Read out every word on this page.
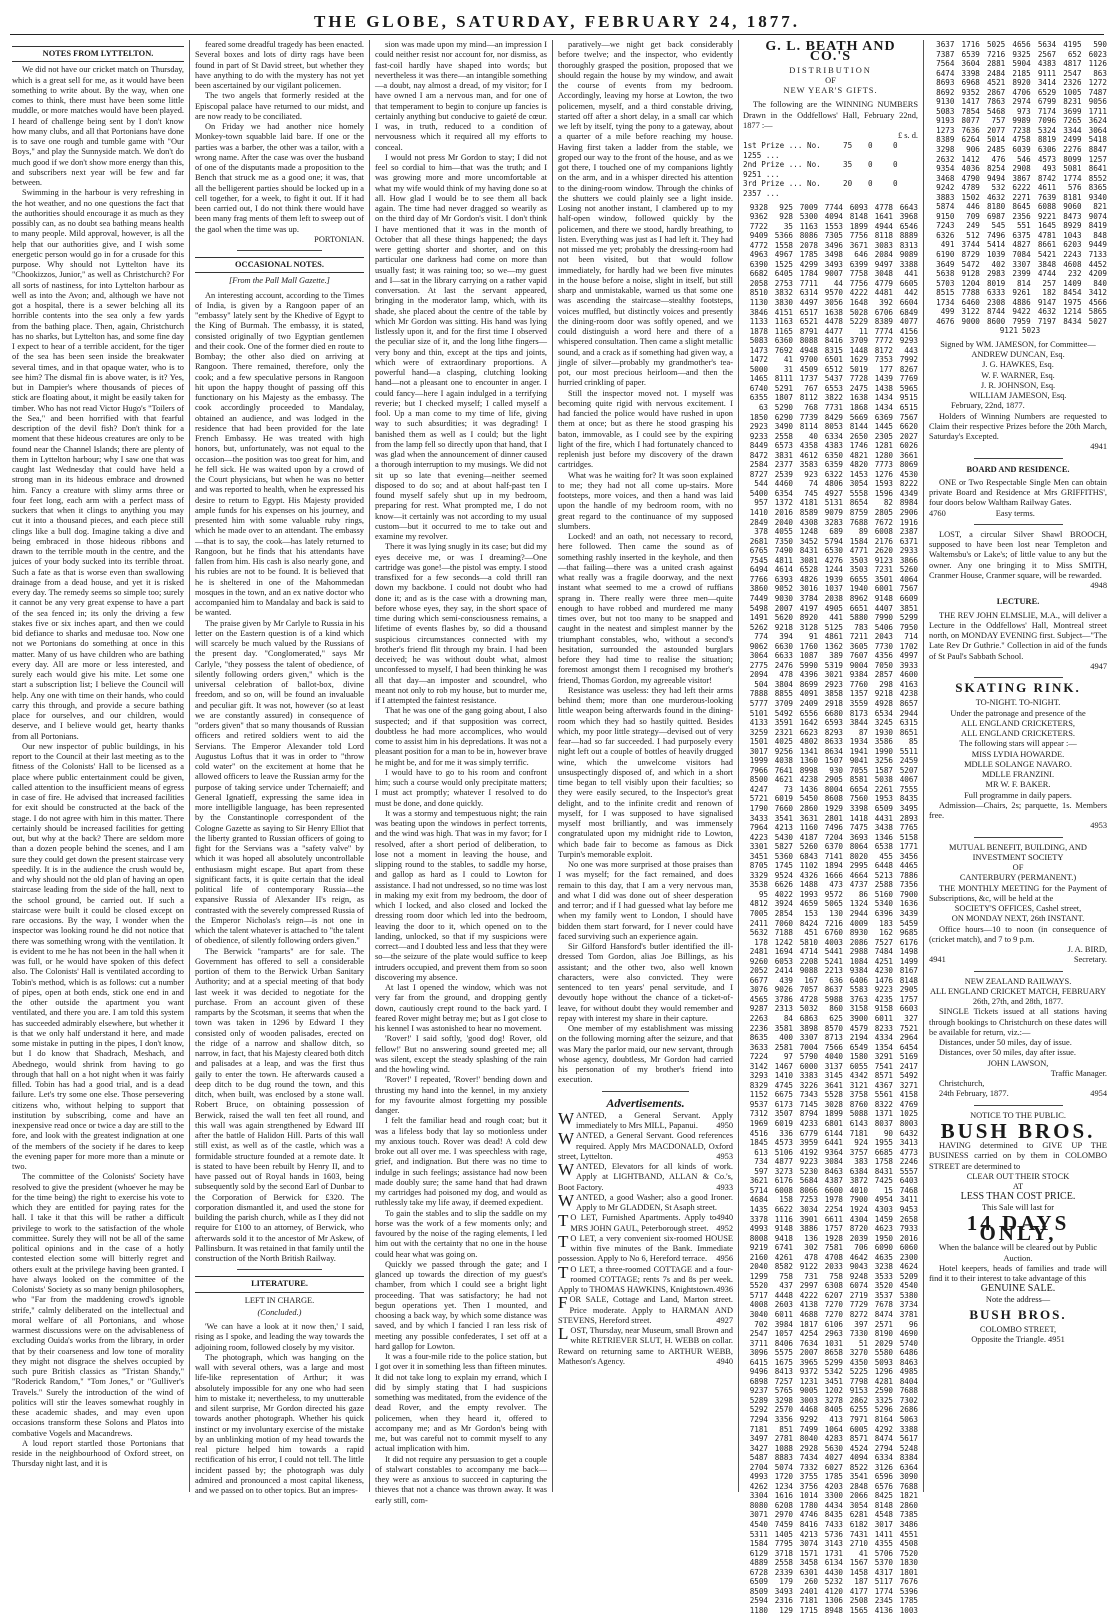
THE GLOBE, SATURDAY, FEBRUARY 24, 1877.
NOTES FROM LYTTELTON.

We did not have our cricket match on Thursday, which is a great sell for me, as it would have been something to write about. By the way, when one comes to think, there must have been some little muddle, or more matches would have been played. I heard of challenge being sent by I don't know how many clubs, and all that Portonians have done is to save one rough and tumble game with "Our Boys," and play the Sunnyside match. We don't do much good if we don't show more energy than this, and subscribers next year will be few and far between.

Swimming in the harbour is very refreshing in the hot weather, and no one questions the fact that the authorities should encourage it as much as they possibly can, as no doubt sea bathing means health to many people. Mild approval, however, is all the help that our authorities give, and I wish some energetic person would go in for a crusade for this purpose. Why should not Lyttelton have its "Chookizzos, Junior," as well as Christchurch? For all sorts of nastiness, for into Lyttelton harbour as well as into the Avon; and, although we have not got a hospital, there is a sewer belching all its horrible contents into the sea only a few yards from the bathing place. Then, again, Christchurch has no sharks, but Lyttelton has, and some fine day I expect to hear of a terrible accident, for the tiger of the sea has been seen inside the breakwater several times, and in that opaque water, who is to see him? The dismal fin is above water, is it? Yes, but in Dampier's where thousands of pieces of stick are floating about, it might be easily taken for timber. Who has not read Victor Hugo's "Toilers of the Sea," and been horrified with that fearful description of the devil fish? Don't think for a moment that these hideous creatures are only to be found near the Channel Islands; there are plenty of them in Lyttelton harbour; why I saw one that was caught last Wednesday that could have held a strong man in its hideous embrace and drowned him. Fancy a creature with slimy arms three or four feet long, each arm with a perfect mass of suckers that when it clings to anything you may cut it into a thousand pieces, and each piece still clings like a bull dog. Imagine taking a dive and being embraced in those hideous ribbons and drawn to the terrible mouth in the centre, and the juices of your body sucked into its terrible throat. Such a fate as that is worse even than swallowing drainage from a dead house, and yet it is risked every day. The remedy seems so simple too; surely it cannot be any very great expense to have a part of the sea fenced in; its only the driving a few stakes five or six inches apart, and then we could bid defiance to sharks and medusae too. Now one not we Portonians do something at once in this matter. Many of us have children who are bathing every day. All are more or less interested, and surely each would give his mite. Let some one start a subscription list; I believe the Council will help. Any one with time on their hands, who could carry this through, and provide a secure bathing place for ourselves, and our children, would deserve, and I believe would get, hearty thanks from all Portonians.

Our new inspector of public buildings, in his report to the Council at their last meeting as to the fitness of the Colonists' Hall to be licensed as a place where public entertainment could be given, called attention to the insufficient means of egress in case of fire. He advised that increased facilities for exit should be constructed at the back of the stage. I do not agree with him in this matter. There certainly should be increased facilities for getting out, but why at the back? There are seldom more than a dozen people behind the scenes, and I am sure they could get down the present staircase very speedily. It is in the audience the crush would be, and why should not the old plan of having an open staircase leading from the side of the hall, next to the school ground, be carried out. If such a staircase were built it could be closed except on rare occasions. By the way, I wonder when the inspector was looking round he did not notice that there was something wrong with the ventilation. It is evident to me he has not been in the hall when it was full, or he would have spoken of this defect also. The Colonists' Hall is ventilated according to Tobin's method, which is as follows: cut a number of pipes, open at both ends, stick one end in and the other outside the apartment you want ventilated, and there you are. I am told this system has succeeded admirably elsewhere, but whether it is that we only half understand it here, and made some mistake in putting in the pipes, I don't know, but I do know that Shadrach, Meshach, and Abednego, would shrink from having to go through that hall on a hot night when it was fairly filled. Tobin has had a good trial, and is a dead failure. Let's try some one else. Those persevering citizens who, without helping to support that institution by subscribing, come and have an inexpensive read once or twice a day are still to the fore, and look with the greatest indignation at one of the members of the society if he dares to keep the evening paper for more more than a minute or two.

The committee of the Colonists' Society have resolved to give the president (whoever he may be for the time being) the right to exercise his vote to which they are entitled for paying rates for the hall. I take it that this will be rather a difficult privilege to work to the satisfaction of the whole committee. Surely they will not be all of the same political opinions and in the case of a hotly contested election some will bitterly regret and others exult at the privilege having been granted. I have always looked on the committee of the Colonists' Society as so many benign philosophers, who "Far from the maddening crowd's ignoble strife," calmly deliberated on the intellectual and moral welfare of all Portonians, and whose warmest discussions were on the advisableness of excluding Ouida's works from the library, in order that by their coarseness and low tone of morality they might not disgrace the shelves occupied by such pure British classics as "Tristan Shandy," "Roderick Random," "Tom Jones," or "Gulliver's Travels." Surely the introduction of the wind of politics will stir the leaves somewhat roughly in these academic shades, and may even upon occasions transform these Solons and Platos into combative Vogels and Macandrews.

A loud report startled those Portonians that reside in the neighbourhood of Oxford street, on Thursday night last, and it is

feared some dreadful tragedy has been enacted. Several boxes and lots of dirty rags have been found in part of St David street, but whether they have anything to do with the mystery has not yet been ascertained by our vigilant policemen.

The two angels that formerly resided at the Episcopal palace have returned to our midst, and are now ready to be conciliated.

On Friday we had another nice homely Monkey-town squabble laid bare. If one or the parties was a barber, the other was a tailor, with a wrong name. After the case was over the husband of one of the disputants made a proposition to the Bench that struck me as a good one; it was, that all the belligerent parties should be locked up in a cell together, for a week, to fight it out. If it had been carried out, I do not think there would have been many frag ments of them left to sweep out of the gaol when the time was up.

PORTONIAN.

OCCASIONAL NOTES.

[From the Pall Mall Gazette.]

An interesting account, according to the Times of India, is given by a Rangoon paper of an "embassy" lately sent by the Khedive of Egypt to the King of Burmah. The embassy, it is stated, consisted originally of two Egyptian gentlemen and their cook. One of the former died en route to Bombay; the other also died on arriving at Rangoon. There remained, therefore, only the cook; and a few speculative persons in Rangoon hit upon the happy thought of passing off this functionary on his Majesty as the embassy. The cook accordingly proceeded to Mandalay, obtained an audience, and was lodged in the residence that had been provided for the late French Embassy. He was treated with high honors, but, unfortunately, was not equal to the occasion—the position was too great for him, and he fell sick. He was waited upon by a crowd of the Court physicians, but when he was no better and was reported to health, when he expressed his desire to return to Egypt. His Majesty provided ample funds for his expenses on his journey, and presented him with some valuable ruby rings, which he made over to an attendant. The embassy—that is to say, the cook—has lately returned to Rangoon, but he finds that his attendants have fallen from him. His cash is also nearly gone, and his rubies are not to be found. It is believed that he is sheltered in one of the Mahommedan mosques in the town, and an ex native doctor who accompanied him to Mandalay and back is said to be wanted.

The praise given by Mr Carlyle to Russia in his letter on the Eastern question is of a kind which will scarcely be much valued by the Russians of the present day. "Conglomerated," says Mr Carlyle, "they possess the talent of obedience, of silently following orders given," which is the universal celebration of ballot-box, divine freedom, and so on, will be found an invaluable and peculiar gift. It was not, however (so at least we are constantly assured) in consequence of "orders given" that so many thousands of Russian officers and retired soldiers went to aid the Servians. The Emperor Alexander told Lord Augustus Loftus that it was in order to "throw cold water" on the excitement at home that he allowed officers to leave the Russian army for the purpose of taking service under Tchernaieff; and General Ignatieff, expressing the same idea in more intelligible language, has been represented by the Constantinople correspondent of the Cologne Gazette as saying to Sir Henry Elliot that the liberty granted to Russian officers of going to fight for the Servians was a "safety valve" by which it was hoped all absolutely uncontrollable enthusiasm might escape. But apart from these significant facts, it is quite certain that the ideal political life of contemporary Russia—the expansive Russia of Alexander II's reign, as contrasted with the severely compressed Russia of the Emperor Nicholas's reign—is not one in which the talent whatever is attached to "the talent of obedience, of silently following orders given."

The Berwick "ramparts" are for sale. The Government has offered to sell a considerable portion of them to the Berwick Urban Sanitary Authority; and at a special meeting of that body last week it was decided to negotiate for the purchase. From an account given of these ramparts by the Scotsman, it seems that when the town was taken in 1296 by Edward I they consisted only of wooden palisades, erected on the ridge of a narrow and shallow ditch, so narrow, in fact, that his Majesty cleared both ditch and palisades at a leap, and was the first thus gaily to enter the town. He afterwards caused a deep ditch to be dug round the town, and this ditch, when built, was enclosed by a stone wall. Robert Bruce, on obtaining possession of Berwick, raised the wall ten feet all round, and this wall was again strengthened by Edward III after the battle of Halidon Hill. Parts of this wall still exist, as well as of the castle, which was a formidable structure founded at a remote date. It is stated to have been rebuilt by Henry II, and to have passed out of Royal hands in 1603, being subsequently sold by the second Earl of Dunbar to the Corporation of Berwick for £320. The corporation dismantled it, and used the stone for building the parish church, while as I they did not require for £100 to an attorney, of Berwick, who afterwards sold it to the ancestor of Mr Askew, of Pallinsburn. It was retained in that family until the construction of the North British Railway.

LITERATURE.

LEFT IN CHARGE.

(Concluded.)

'We can have a look at it now then,' I said, rising as I spoke, and leading the way towards the adjoining room, followed closely by my visitor.

The photograph, which was hanging on the wall with several others, was a large and most life-like representation of Arthur; it was absolutely impossible for any one who had seen him to mistake it; nevertheless, to my unutterable and silent surprise, Mr Gordon directed his gaze towards another photograph. Whether his quick instinct or my involuntary exercise of the mistake by an unblinking motion of my head towards the real picture helped him towards a rapid rectification of his error, I could not tell. The little incident passed by; the photograph was duly admired and pronounced a most capital likeness, and we passed on to other topics. But an impres-

sion was made upon my mind—an impression I could neither resist nor account for, nor dismiss, as fast-coil hardly have shaped into words; but nevertheless it was there—an intangible something—a doubt, nay almost a dread, of my visitor; for I have owned I am a nervous man, and for one of that temperament to begin to conjure up fancies is certainly anything but conducive to gaieté de cœur. I was, in truth, reduced to a condition of nervousness which it required all my efforts to conceal.

I would not press Mr Gordon to stay; I did not feel so cordial to him—that was the truth; and I was growing more and more uncomfortable at what my wife would think of my having done so at all. How glad I would be to see them all back again. The time had never dragged so wearily as on the third day of Mr Gordon's visit. I don't think I have mentioned that it was in the month of October that all these things happened; the days were getting shorter and shorter, and on this particular one darkness had come on more than usually fast; it was raining too; so we—my guest and I—sat in the library carrying on a rather vapid conversation. At last the servant appeared, bringing in the moderator lamp, which, with its shade, she placed about the centre of the table by which Mr Gordon was sitting. His hand was lying listlessly upon it, and for the first time I observed the peculiar size of it, and the long lithe fingers—very bony and thin, except at the tips and joints, which were of extraordinary proportions. A powerful hand—a clasping, clutching looking hand—not a pleasant one to encounter in anger. I could fancy—here I again indulged in a terrifying reverie; but I checked myself; I called myself a fool. Up a man come to my time of life, giving way to such absurdities; it was degrading! I banished them as well as I could; but the light from the lamp fell so directly upon that hand, that I was glad when the announcement of dinner caused a thorough interruption to my musings. We did not sit up so late that evening—neither seemed disposed to do so; and at about half-past ten I found myself safely shut up in my bedroom, preparing for rest. What prompted me, I do not know—it certainly was not according to my usual custom—but it occurred to me to take out and examine my revolver.

There it was lying snugly in its case; but did my eyes deceive me, or was I dreaming?—One cartridge was gone!—the pistol was empty. I stood transfixed for a few seconds—a cold thrill ran down my backbone. I could not doubt who had done it; and as is the case with a drowning man, before whose eyes, they say, in the short space of time during which semi-consciousness remains, a lifetime of events flashes by, so did a thousand suspicious circumstances connected with my brother's friend flit through my brain. I had been deceived; he was without doubt what, almost unconfessed to myself, I had been thinking he was all that day—an imposter and scoundrel, who meant not only to rob my house, but to murder me, if I attempted the faintest resistance.

That he was one of the gang going about, I also suspected; and if that supposition was correct, doubtless he had more accomplices, who would come to assist him in his depredations. It was not a pleasant position for a man to be in, however brave he might be, and for me it was simply terrific.

I would have to go to his room and confront him; such a course would only precipitate matters; I must act promptly; whatever I resolved to do must be done, and done quickly.

It was a stormy and tempestuous night; the rain was beating upon the windows in perfect torrents, and the wind was high. That was in my favor; for I resolved, after a short period of deliberation, to lose not a moment in leaving the house, and slipping round to the stables, to saddle my horse, and gallop as hard as I could to Lowton for assistance. I had not undressed, so no time was lost in making my exit from my bedroom, the door of which I locked, and also closed and locked the dressing room door which led into the bedroom, leaving the door to it, which opened on to the landing, unlocked, so that if my suspicions were correct—and I doubted less and less that they were so—the seizure of the plate would suffice to keep intruders occupied, and prevent them from so soon discovering my absence.

At last I opened the window, which was not very far from the ground, and dropping gently down, cautiously crept round to the back yard. I feared Rover might betray me; but as I got close to his kennel I was astonished to hear no movement.

'Rover!' I said softly, 'good dog! Rover, old fellow!' But no answering sound greeted me; all was silent, except the steady splashing of the rain and the howling wind.

'Rover!' I repeated, 'Rover!' bending down and thrusting my hand into the kennel, in my anxiety for my favourite almost forgetting my possible danger.

I felt the familiar head and rough coat; but it was a lifeless body that lay so motionless under my anxious touch. Rover was dead! A cold dew broke out all over me. I was speechless with rage, grief, and indignation. But there was no time to indulge in such feelings; assistance had now been made doubly sure; the same hand that had drawn my cartridges had poisoned my dog, and would as ruthlessly take my life away, if deemed expedient.

To gain the stables and to slip the saddle on my horse was the work of a few moments only; and favoured by the noise of the raging elements, I led him out with the certainty that no one in the house could hear what was going on.

Quickly we passed through the gate; and I glanced up towards the direction of my guest's chamber, from which I could see a bright light proceeding. That was satisfactory; he had not begun operations yet. Then I mounted, and choosing a back way, by which some distance was saved, and by which I fancied I ran less risk of meeting any possible confederates, I set off at a hard gallop for Lowton.

It was a four-mile ride to the police station, but I got over it in something less than fifteen minutes. It did not take long to explain my errand, which I did by simply stating that I had suspicions something was meditated, from the evidence of the dead Rover, and the empty revolver. The policemen, when they heard it, offered to accompany me; and as Mr Gordon's being with me, but was careful not to commit myself to any actual implication with him.

It did not require any persuasion to get a couple of stalwart constables to accompany me back—they were as anxious to succeed in capturing the thieves that not a chance was thrown away. It was early still, com-

paratively—we night get back considerably before twelve; and the inspector, who evidently thoroughly grasped the position, proposed that we should regain the house by my window, and await the course of events from my bedroom. Accordingly, leaving my horse at Lowton, the two policemen, myself, and a third constable driving, started off after a short delay, in a small car which we left by itself, tying the pony to a gateway, about a quarter of a mile before reaching my house. Having first taken a ladder from the stable, we groped our way to the front of the house, and as we got there, I touched one of my companions lightly on the arm, and in a whisper directed his attention to the dining-room window. Through the chinks of the shutters we could plainly see a light inside. Losing not another instant, I clambered up to my half-open window, followed quickly by the policemen, and there we stood, hardly breathing, to listen. Everything was just as I had left it. They had not missed me yet; probably the dressing-room had not been visited, but that would follow immediately, for hardly had we been five minutes in the house before a noise, slight in itself, but still sharp and unmistakable, warned us that some one was ascending the staircase—stealthy footsteps, voices muffled, but distinctly voices and presently the dining-room door was softly opened, and we could distinguish a word here and there of a whispered consultation. Then came a slight metallic sound, and a crack as if something had given way, a jingle of silver—probably my grandmother's tea-pot, our most precious heirloom—and then the hurried crinkling of paper.

Still the inspector moved not. I myself was becoming quite rigid with nervous excitement. I had fancied the police would have rushed in upon them at once; but as there he stood grasping his baton, immovable, as I could see by the expiring light of the fire, which I had fortunately chanced to replenish just before my discovery of the drawn cartridges.

What was he waiting for? It was soon explained to me; they had not all come up-stairs. More footsteps, more voices, and then a hand was laid upon the handle of my bedroom room, with no great regard to the continuance of my supposed slumbers.

Locked! and an oath, not necessary to record, here followed. Then came the sound as of something rashly inserted in the keyhole, and then—that failing—there was a united crash against what really was a fragile doorway, and the next instant what seemed to me a crowd of ruffians sprang in. There really were three men—quite enough to have robbed and murdered me many times over, but not too many to be snapped and caught in the neatest and simplest manner by the triumphant constables, who, without a second's hesitation, surrounded the astounded burglars before they had time to realise the situation; foremost amongst them I recognised my brother's friend, Thomas Gordon, my agreeable visitor!

Resistance was useless: they had left their arms behind them; more than one murderous-looking little weapon being afterwards found in the dining-room which they had so hastily quitted. Besides which, my poor little strategy—devised out of very fear—had so far succeeded. I had purposely every night left out a couple of bottles of heavily drugged wine, which the unwelcome visitors had unsuspectingly disposed of, and which in a short time began to tell visibly upon their faculties; so they were easily secured, to the Inspector's great delight, and to the infinite credit and renown of myself, for I was supposed to have signalised myself most brilliantly, and was immensely congratulated upon my midnight ride to Lowton, which bade fair to become as famous as Dick Turpin's memorable exploit.

No one was more surprised at those praises than I was myself; for the fact remained, and does remain to this day, that I am a very nervous man, and what I did was done out of sheer desperation and terror; and if I had guessed what lay before me when my family went to London, I should have bidden them start forward, for I never could have faced surviving such an experience again.

Sir Gilford Hansford's butler identified the ill-dressed Tom Gordon, alias Joe Billings, as his assistant; and the other two, also well known characters, were also convicted. They were sentenced to ten years' penal servitude, and I devoutly hope without the chance of a ticket-of-leave, for without doubt they would remember and repay with interest my share in their capture.

One member of my establishment was missing on the following morning after the seizure, and that was Mary the parlor maid, our new servant, through whose agency, doubtless, Mr Gordon had carried his personation of my brother's friend into execution.

Advertisements.

WANTED, a General Servant. Apply immediately to Mrs MILL, Papanui. 4950

WANTED, a General Servant. Good references required. Apply Mrs MACDONALD, Oxford street, Lyttelton.	4953

WANTED, Elevators for all kinds of work. Apply at LIGHTBAND, ALLAN & Co.'s, Boot Factory.	4933

WANTED, a good Washer; also a good Ironer. Apply to Mr GLADDEN, St Asaph street.
4940

T O LET, Furnished Apartments. Apply to MRS JOHN GAUL, Peterborough street. 4952

T O LET, a very convenient six-roomed HOUSE within five minutes of the Bank. Immediate possession. Apply to No 6, Hereford terrace. 4956

T O LET, a three-roomed COTTAGE and a four-roomed COTTAGE; rents 7s and 8s per week. Apply to THOMAS HAWKINS, Knightstown. 4936

FOR SALE, Cottage and Land, Marton street. Price moderate. Apply to HARMAN AND STEVENS, Hereford street.	4927

LOST, Thursday, near Museum, small Brown and white RETRIEVER SLUT, H. WEBB on collar. Reward on returning same to ARTHUR WEBB, Matheson's Agency.	4940

G. L. BEATH AND CO.'S

DISTRIBUTION

OF

NEW YEAR'S GIFTS.

The following are the WINNING NUMBERS Drawn in the Oddfellows' Hall, February 22nd, 1877 :—

£ s. d.

1st Prize ... No. 1255 ...
75	0	0
2nd Prize ... No. 9251 ...
35	0	0
3rd Prize ... No. 2357 ...
20	0	0
9328	925 7009 7744 6093 4778 6643
9362	928 5300 4094 8148 1641 3968
7722	35 1163 1553 1899 4944 6546
9409 5366 8086 7305 7756 8118 8889
4772 1558 2078 3496 3671 3083 8313
4963 4967 1785 3498	646 2084 9089
6390 1525 4299 3493 6399 9497 3388
6682 6405 1784 9007 7758 3048	441
2058 2753 7711	44 7756 4779 6605
8510 3832 6314 9570 4222 4481	442
1130 3830 4497 3056 1648	392 6604
3846 4151 6517 1638 5028 6706 6849
1133 1163 6521 4478 5229 8389 4077
1878 1165 8791 4477	11 7774 4156
5083 6360 8088 8416 3709 7772 9293
1473 7692 4948 8315 1448 8172	443
1472	41 9700 6501 1629 7353 7992
5000	31 4509 6512 5019	177 8267
1465 8111 1737 5437 7728 1439 7769
6740 5291	767 6553 2475 1438 5965
6355 1807 8112 3822 1638 1434 9515
63 5290	768 7731 1868 1434 6515
1850 6290 7739 8429 5669 6369 7567
2923 3490 8114 8053 8144 1445 6620
9233 2558	40 6334 2650 2305 2027
8449 6573 4358 4383 1746 1281 6026
8472 3831 4612 6350 4821 1280 3661
2584 2377 3583 6359 4820 7773 8069
8727 2539	923 6322 1453 1276 4530
544 4460	74 4806 3054 1593 8222
5400 6354	745 4927 5558 1596 4349
957 1372 4181 5131 8654	82 8984
1410 2016 8589 9079 8759 2805 2906
2849 2040 4308 3283 7688 7672 1916
378 4055 1248	689	89 6008 2387
2681 7350 3452 5794 1584 2176 6371
6765 7490 8431 6530 4771 2620 2933
7545 4811 3081 4276 3503 9123 3866
6494 4614 6528 1244 3503 7231 5260
7766 6393 4826 1939 6655 3501 4064
3860 9052 3016 1037 1940 6001 7567
7449 9030 3784 2038 8962 9148 6609
5498 2007 4197 4905 6651 4407 3851
1491 5620 8920	441 5880 7990 5299
5262 9218 3128 5125	783 5406 7950
774	394	91 4861 7211 2043	714
9062 6630 1760 1362 3605 7730 1702
3064 6633 1087	389 7607 4356 4997
2775 2476 5990 5319 9004 7050 3933
2094	478 4396 3021 9384 2857 4600
504 3804 8699 2923 7760	298 4163
7888 8855 4091 3858 1357 9218 4238
5777 3709 2409 2918 3559 4928 8657
5101 5492 6556 6680 8173 6534 2944
4133 3591 1642 6593 3844 3245 6315
3259 2321 6623 8293	87 1930 8651
1501 4025 4802 8633 1934 3586	85
3017 9256 1341 8634 1941 1990 5511
1999 4038 1360 1507 9041 3256 2459
7966 7641 8998	930 7055 1587 5207
8500 4621 4238 2905 8581 5038 4067
4247	73 1436 8004 6654 2261 7555
5721 6019 5450 8608 7560 1953 8435
1790 7660 2860 1929 3398 6509 3495
3433 3541 3631 2801 1418 4431 2893
7964 4213 1160 7496 7475 3438 7765
4223 5430 4187 7204 3693 1346 5158
3301 5827 5260 6370 8064 6538 1771
3451 5360 6843 7141 8020	455 3456
8705 1745 1102 1894 2995 6448 4465
3329 9524 4326 1666 4664 5213 7886
3538 6626 1488	473 4737 2588 7356
95 4022 1993 9572	86 5160 7900
4812 3924 4659 5065 1324 5340 1636
7005 2854	153	130 2944 6396 3439
2411 7060 8424 7216 4009	183 5459
5632 7188	451 6760 8930	162 9685
178 1242 5810 4003 2086 7527 6176
2481 1694 4714 5441 2988 7484 1498
9260 6053 2208 5241 1084 4251 1499
2052 2414 9088 2213 9384 4230 8167
6677	439	167	636 6406 1476 8148
3076 9026 7057 8637 5583 9223 2905
4565 3786 4728 5988 3763 4235 1757
9287 2313 5032	860 3158 9158 6603
2263	84 6863	625 3900 6011	327
2236 3581 3898 8570 4579 8233 7521
8635	400 3307 8713 2194 4334 2964
3633 2581 7004 7566 6549 1354 6454
7224	97 5790 4040 1580 3291 5169
3142 1467 6000 3137 6055 7541 2417
3293 1410 3383 3145 4342 8571 5492
8329 4745 3226 3641 3121 4367 3271
1152 6675 7343 5528 3758 5561 4158
9537 6173 7145 3028 8760 8322 4769
7312 3507 8794 1899 5088 1371 1025
1969 6019 4233 6801 6143 8037 8003
4516	336 6779 6144 7181	90 6432
1845 4573 3959 6441	924 1955 3413
613 5106 4192 9364 3757 6685 4773
734 4877 9223 3084	383 1758 2246
597 3273 5230 8463 6384 8431 5557
3621 6176 5684 4387 3872 7425 6403
5714 6008 8066 6600 4010	15 7468
4684	158 7253 1978 7900 4954 3411
1435 6622 3034 2254 1924 4303 9453
3378 1116 3901 6611 4304 1459 2658
4993 9148 3886 1757 8720 4623 7933
8008 9418	136 1928 2039 1950 2016
9219 6741	302 7581	706 6090 6060
2160 4261	478 4708 4642 4635 2300
2040 8582 9122 2033 9043 3238 4624
1299	758	731	758 9248 3533 5209
5520	437 2997 6308 6074 3520 4540
5717 4448 4222 6207 2719 3537 5380
4008 2603 4138 7270 7729 7678 3734
3040 6011 4688 7270 8272 8474 3781
702 3984 1817 6106	397 2571	96
2547 1057 4254 2963 7330 8190 4690
3711 8406 7634 1031	51 2029 5740
3096 5575 2007 8658 3270 5580 6486
6415 1675 3965 5299 4350 5093 8463
9496 8413 9372 5342 5225 1296 4985
6898 7257 1231 3451 7798 4281 8404
9237 5765 9005 1202 9153 2590 7688
5289 3298 3003 3278 2862 3325 7302
5292 2570 4468 8405 6255 5296 2686
7294 3356 9292	413 7971 8164 5063
7181	851 7499 1064 6005 4292 3388
3497 2781 8040 4283 8571 8474 5617
3427 1088 2928 5630 4524 2794 5248
5487 8883 7434 4027 4094 6334 8384
2704 5074 7332 6027 8522 3126 6364
4993 1720 3755 1785 3541 6596 3090
4262 1234 3756 4203 2848 6576 7688
3304 1616 1014 3300 2066 8425 1821
8080 6208 1780 4434 3054 8148 2860
3071 2970 4746 8435 6281 4548 7385
4540 7459 8416 7433 6182 3017 3486
5311 1405 4213 5736 7431 1411 4551
1584 7795 3074 3143 2710 4355 4508
6129 3718 1571 1731	41 5706 7520
4889 2558 3458 6134 1567 5370 1830
6728 2339 6301 4430 1458 4317 1801
6509	179	260 5232	187 5117 7676
8509 3493 2401 4120 4177 1774 5396
2594 2316 7181 1306 2508 2345 1785
1180	129 1715 8948 1565 4136 1003
3637 1716 5025 4656 5634 4195	590
7387 6539 7216 9325 2567	652 6023
7564 3604 2881 5904 4383 4817 1126
6474 3398 2484 2185 9111 2547	863
8693 6968 4521 8920 3414 2326 1272
8692 9352 2867 4706 6529 1005 7487
9130 1417 7863 2974 6799 8231 9056
5083 7854 5468	973 7174 3699 1711
9193 8077	757 9989 7096 7265 3624
1273 7636 2077 7238 5324 3344 3064
8389 6264 5014 4758 8819 2499 5418
3298	906 2485 6039 6306 2276 8847
2632 1412	476	546 4573 8099 1257
9354 4036 8254 2908	493 5081 8641
3468 4790 9494 3867 8742 1774 8552
9242 4789	532 6222 4611	576 8365
3883 1502 4632 2271 7639 8181 9340
5874	446 8180 8645 6088 9060	821
9150	709 6987 2356 9221 8473 9074
7243	249	545	551 1645 8929 8419
6326	512 7496 6375 4781 1043	848
491 3744 5414 4827 8661 6203 9449
6190 8729 1039 7084 5421 2243 7133
3649 5472	402 3307 3848 4608 4452
5638 9128 2983 2399 4744	232 4209
5703 1204 8019	814	257 1409	840
8515 7788 6333 9261	182 8454 3412
1734 6460 2308 4886 9147 1975 4566
499 3122 8744 9422 4632 1214 5865
4676 9000 8600 7959 7197 8434 5027
9121 5023

Signed by WM. JAMESON, for Committee—

ANDREW DUNCAN, Esq.

J. G. HAWKES, Esq.

W. F. WARNER, Esq.

J. R. JOHNSON, Esq.

WILLIAM JAMESON, Esq.

February, 22nd, 1877.

Holders of Winning Numbers are requested to Claim their respective Prizes before the 20th March, Saturday's Excepted.

4941

BOARD AND RESIDENCE.

ONE or Two Respectable Single Men can obtain private Board and Residence at Mrs GRIFFITHS', four doors below Waltham Railway Gates.

4760	Easy terms.

LOST, a circular Silver Shawl BROOCH, supposed to have been lost near Templeton and Waltemsbu's or Lake's; of little value to any but the owner. Any one bringing it to Miss SMITH, Cranmer House, Cranmer square, will be rewarded.

4948

LECTURE.

THE REV JOHN ELMSLIE, M.A., will deliver a Lecture in the Oddfellows' Hall, Montreal street north, on MONDAY EVENING first. Subject—"The Late Rev Dr Guthrie." Collection in aid of the funds of St Paul's Sabbath School.

4947

SKATING RINK.

TO-NIGHT. TO-NIGHT.

Under the patronage and presence of the

ALL ENGLAND CRICKETERS,

ALL ENGLAND CRICKETERS.

The following stars will appear :—

MISS LYDIA HOWARDE.

MDLLE SOLANGE NAVARO.

MDLLE FRANZINI.

MR W. F. BAKER.

Full programme in daily papers.

Admission—Chairs, 2s; parquette, 1s. Members free.

4953

MUTUAL BENEFIT, BUILDING, AND INVESTMENT SOCIETY

OF

CANTERBURY (PERMANENT.)

THE MONTHLY MEETING for the Payment of Subscriptions, &c, will be held at the

SOCIETY'S OFFICES, Cashel street,

ON MONDAY NEXT, 26th INSTANT.

Office hours—10 to noon (in consequence of (cricket match), and 7 to 9 p.m.

J. A. BIRD,

4941	Secretary.

NEW ZEALAND RAILWAYS.

ALL ENGLAND CRICKET MATCH, FEBRUARY 26th, 27th, and 28th, 1877.

SINGLE Tickets issued at all stations having through bookings to Christchurch on these dates will be available for return, viz.:—

Distances, under 50 miles, day of issue.

Distances, over 50 miles, day after issue.

JOHN LAWSON,

Traffic Manager.

Christchurch,

24th February, 1877.	4954

NOTICE TO THE PUBLIC.

BUSH BROS.

HAVING determined to GIVE UP THE BUSINESS carried on by them in COLOMBO STREET are determined to

CLEAR OUT THEIR STOCK

AT

LESS THAN COST PRICE.

This Sale will last for

14 DAYS ONLY,

When the balance will be cleared out by Public Auction.

Hotel keepers, heads of families and trade will find it to their interest to take advantage of this

GENUINE SALE.

Note the address—

BUSH BROS.

COLOMBO STREET,

Opposite the Triangle. 4951
